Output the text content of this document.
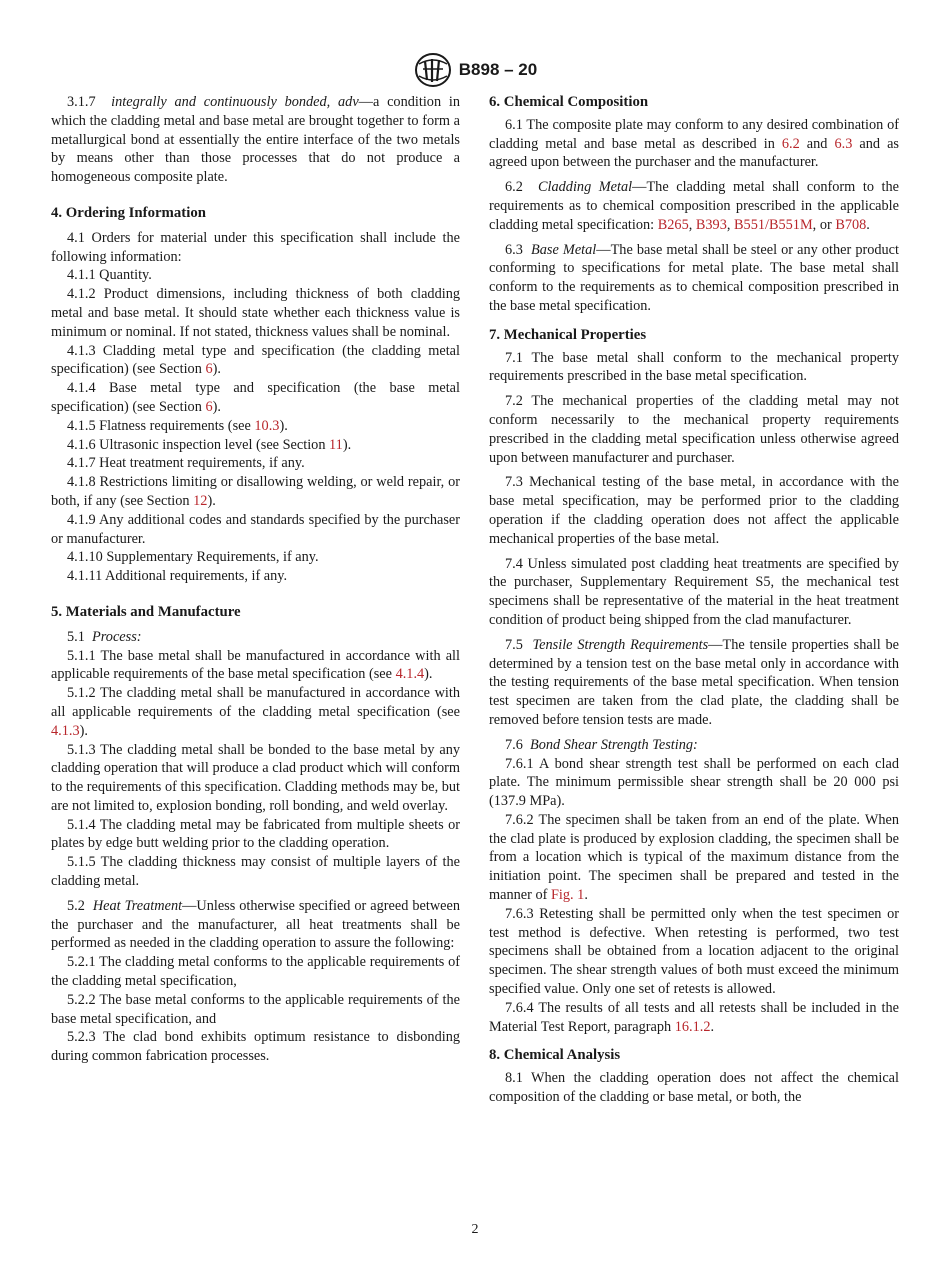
B898 – 20

3.1.7 integrally and continuously bonded, adv—a condition in which the cladding metal and base metal are brought together to form a metallurgical bond at essentially the entire interface of the two metals by means other than those processes that do not produce a homogeneous composite plate.

4. Ordering Information

4.1 Orders for material under this specification shall include the following information:

4.1.1 Quantity.

4.1.2 Product dimensions, including thickness of both cladding metal and base metal. It should state whether each thickness value is minimum or nominal. If not stated, thickness values shall be nominal.

4.1.3 Cladding metal type and specification (the cladding metal specification) (see Section 6).

4.1.4 Base metal type and specification (the base metal specification) (see Section 6).

4.1.5 Flatness requirements (see 10.3).

4.1.6 Ultrasonic inspection level (see Section 11).

4.1.7 Heat treatment requirements, if any.

4.1.8 Restrictions limiting or disallowing welding, or weld repair, or both, if any (see Section 12).

4.1.9 Any additional codes and standards specified by the purchaser or manufacturer.

4.1.10 Supplementary Requirements, if any.

4.1.11 Additional requirements, if any.

5. Materials and Manufacture

5.1 Process:

5.1.1 The base metal shall be manufactured in accordance with all applicable requirements of the base metal specification (see 4.1.4).

5.1.2 The cladding metal shall be manufactured in accordance with all applicable requirements of the cladding metal specification (see 4.1.3).

5.1.3 The cladding metal shall be bonded to the base metal by any cladding operation that will produce a clad product which will conform to the requirements of this specification. Cladding methods may be, but are not limited to, explosion bonding, roll bonding, and weld overlay.

5.1.4 The cladding metal may be fabricated from multiple sheets or plates by edge butt welding prior to the cladding operation.

5.1.5 The cladding thickness may consist of multiple layers of the cladding metal.

5.2 Heat Treatment—Unless otherwise specified or agreed between the purchaser and the manufacturer, all heat treatments shall be performed as needed in the cladding operation to assure the following:

5.2.1 The cladding metal conforms to the applicable requirements of the cladding metal specification,

5.2.2 The base metal conforms to the applicable requirements of the base metal specification, and

5.2.3 The clad bond exhibits optimum resistance to disbonding during common fabrication processes.

6. Chemical Composition

6.1 The composite plate may conform to any desired combination of cladding metal and base metal as described in 6.2 and 6.3 and as agreed upon between the purchaser and the manufacturer.

6.2 Cladding Metal—The cladding metal shall conform to the requirements as to chemical composition prescribed in the applicable cladding metal specification: B265, B393, B551/B551M, or B708.

6.3 Base Metal—The base metal shall be steel or any other product conforming to specifications for metal plate. The base metal shall conform to the requirements as to chemical composition prescribed in the base metal specification.

7. Mechanical Properties

7.1 The base metal shall conform to the mechanical property requirements prescribed in the base metal specification.

7.2 The mechanical properties of the cladding metal may not conform necessarily to the mechanical property requirements prescribed in the cladding metal specification unless otherwise agreed upon between manufacturer and purchaser.

7.3 Mechanical testing of the base metal, in accordance with the base metal specification, may be performed prior to the cladding operation if the cladding operation does not affect the applicable mechanical properties of the base metal.

7.4 Unless simulated post cladding heat treatments are specified by the purchaser, Supplementary Requirement S5, the mechanical test specimens shall be representative of the material in the heat treatment condition of product being shipped from the clad manufacturer.

7.5 Tensile Strength Requirements—The tensile properties shall be determined by a tension test on the base metal only in accordance with the testing requirements of the base metal specification. When tension test specimen are taken from the clad plate, the cladding shall be removed before tension tests are made.

7.6 Bond Shear Strength Testing:

7.6.1 A bond shear strength test shall be performed on each clad plate. The minimum permissible shear strength shall be 20 000 psi (137.9 MPa).

7.6.2 The specimen shall be taken from an end of the plate. When the clad plate is produced by explosion cladding, the specimen shall be from a location which is typical of the maximum distance from the initiation point. The specimen shall be prepared and tested in the manner of Fig. 1.

7.6.3 Retesting shall be permitted only when the test specimen or test method is defective. When retesting is performed, two test specimens shall be obtained from a location adjacent to the original specimen. The shear strength values of both must exceed the minimum specified value. Only one set of retests is allowed.

7.6.4 The results of all tests and all retests shall be included in the Material Test Report, paragraph 16.1.2.

8. Chemical Analysis

8.1 When the cladding operation does not affect the chemical composition of the cladding or base metal, or both, the

2
